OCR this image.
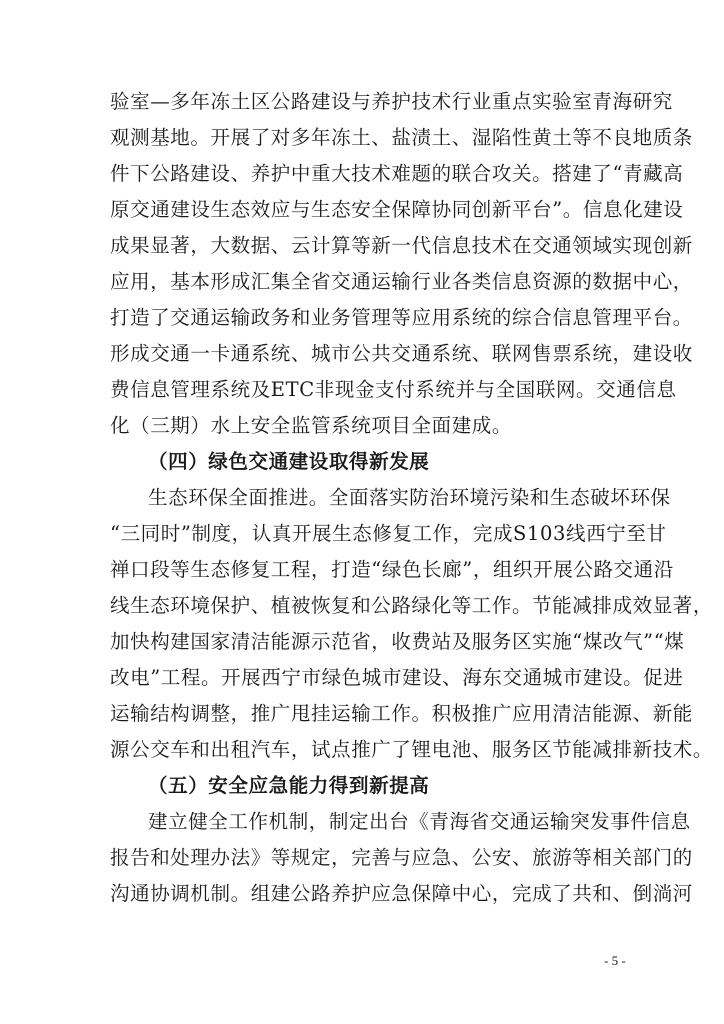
验室—多年冻土区公路建设与养护技术行业重点实验室青海研究
观测基地。开展了对多年冻土、盐渍土、湿陷性黄土等不良地质条
件下公路建设、养护中重大技术难题的联合攻关。搭建了“青藏高
原交通建设生态效应与生态安全保障协同创新平台”。信息化建设
成果显著，大数据、云计算等新一代信息技术在交通领域实现创新
应用，基本形成汇集全省交通运输行业各类信息资源的数据中心，
打造了交通运输政务和业务管理等应用系统的综合信息管理平台。
形成交通一卡通系统、城市公共交通系统、联网售票系统，建设收
费信息管理系统及ETC非现金支付系统并与全国联网。交通信息
化（三期）水上安全监管系统项目全面建成。
（四）绿色交通建设取得新发展
生态环保全面推进。全面落实防治环境污染和生态破坏环保
“三同时”制度，认真开展生态修复工作，完成S103线西宁至甘
禅口段等生态修复工程，打造“绿色长廊”，组织开展公路交通沿
线生态环境保护、植被恢复和公路绿化等工作。节能减排成效显著，
加快构建国家清洁能源示范省，收费站及服务区实施“煤改气”“煤
改电”工程。开展西宁市绿色城市建设、海东交通城市建设。促进
运输结构调整，推广甩挂运输工作。积极推广应用清洁能源、新能
源公交车和出租汽车，试点推广了锂电池、服务区节能减排新技术。
（五）安全应急能力得到新提高
建立健全工作机制，制定出台《青海省交通运输突发事件信息
报告和处理办法》等规定，完善与应急、公安、旅游等相关部门的
沟通协调机制。组建公路养护应急保障中心，完成了共和、倒淌河
- 5 -
